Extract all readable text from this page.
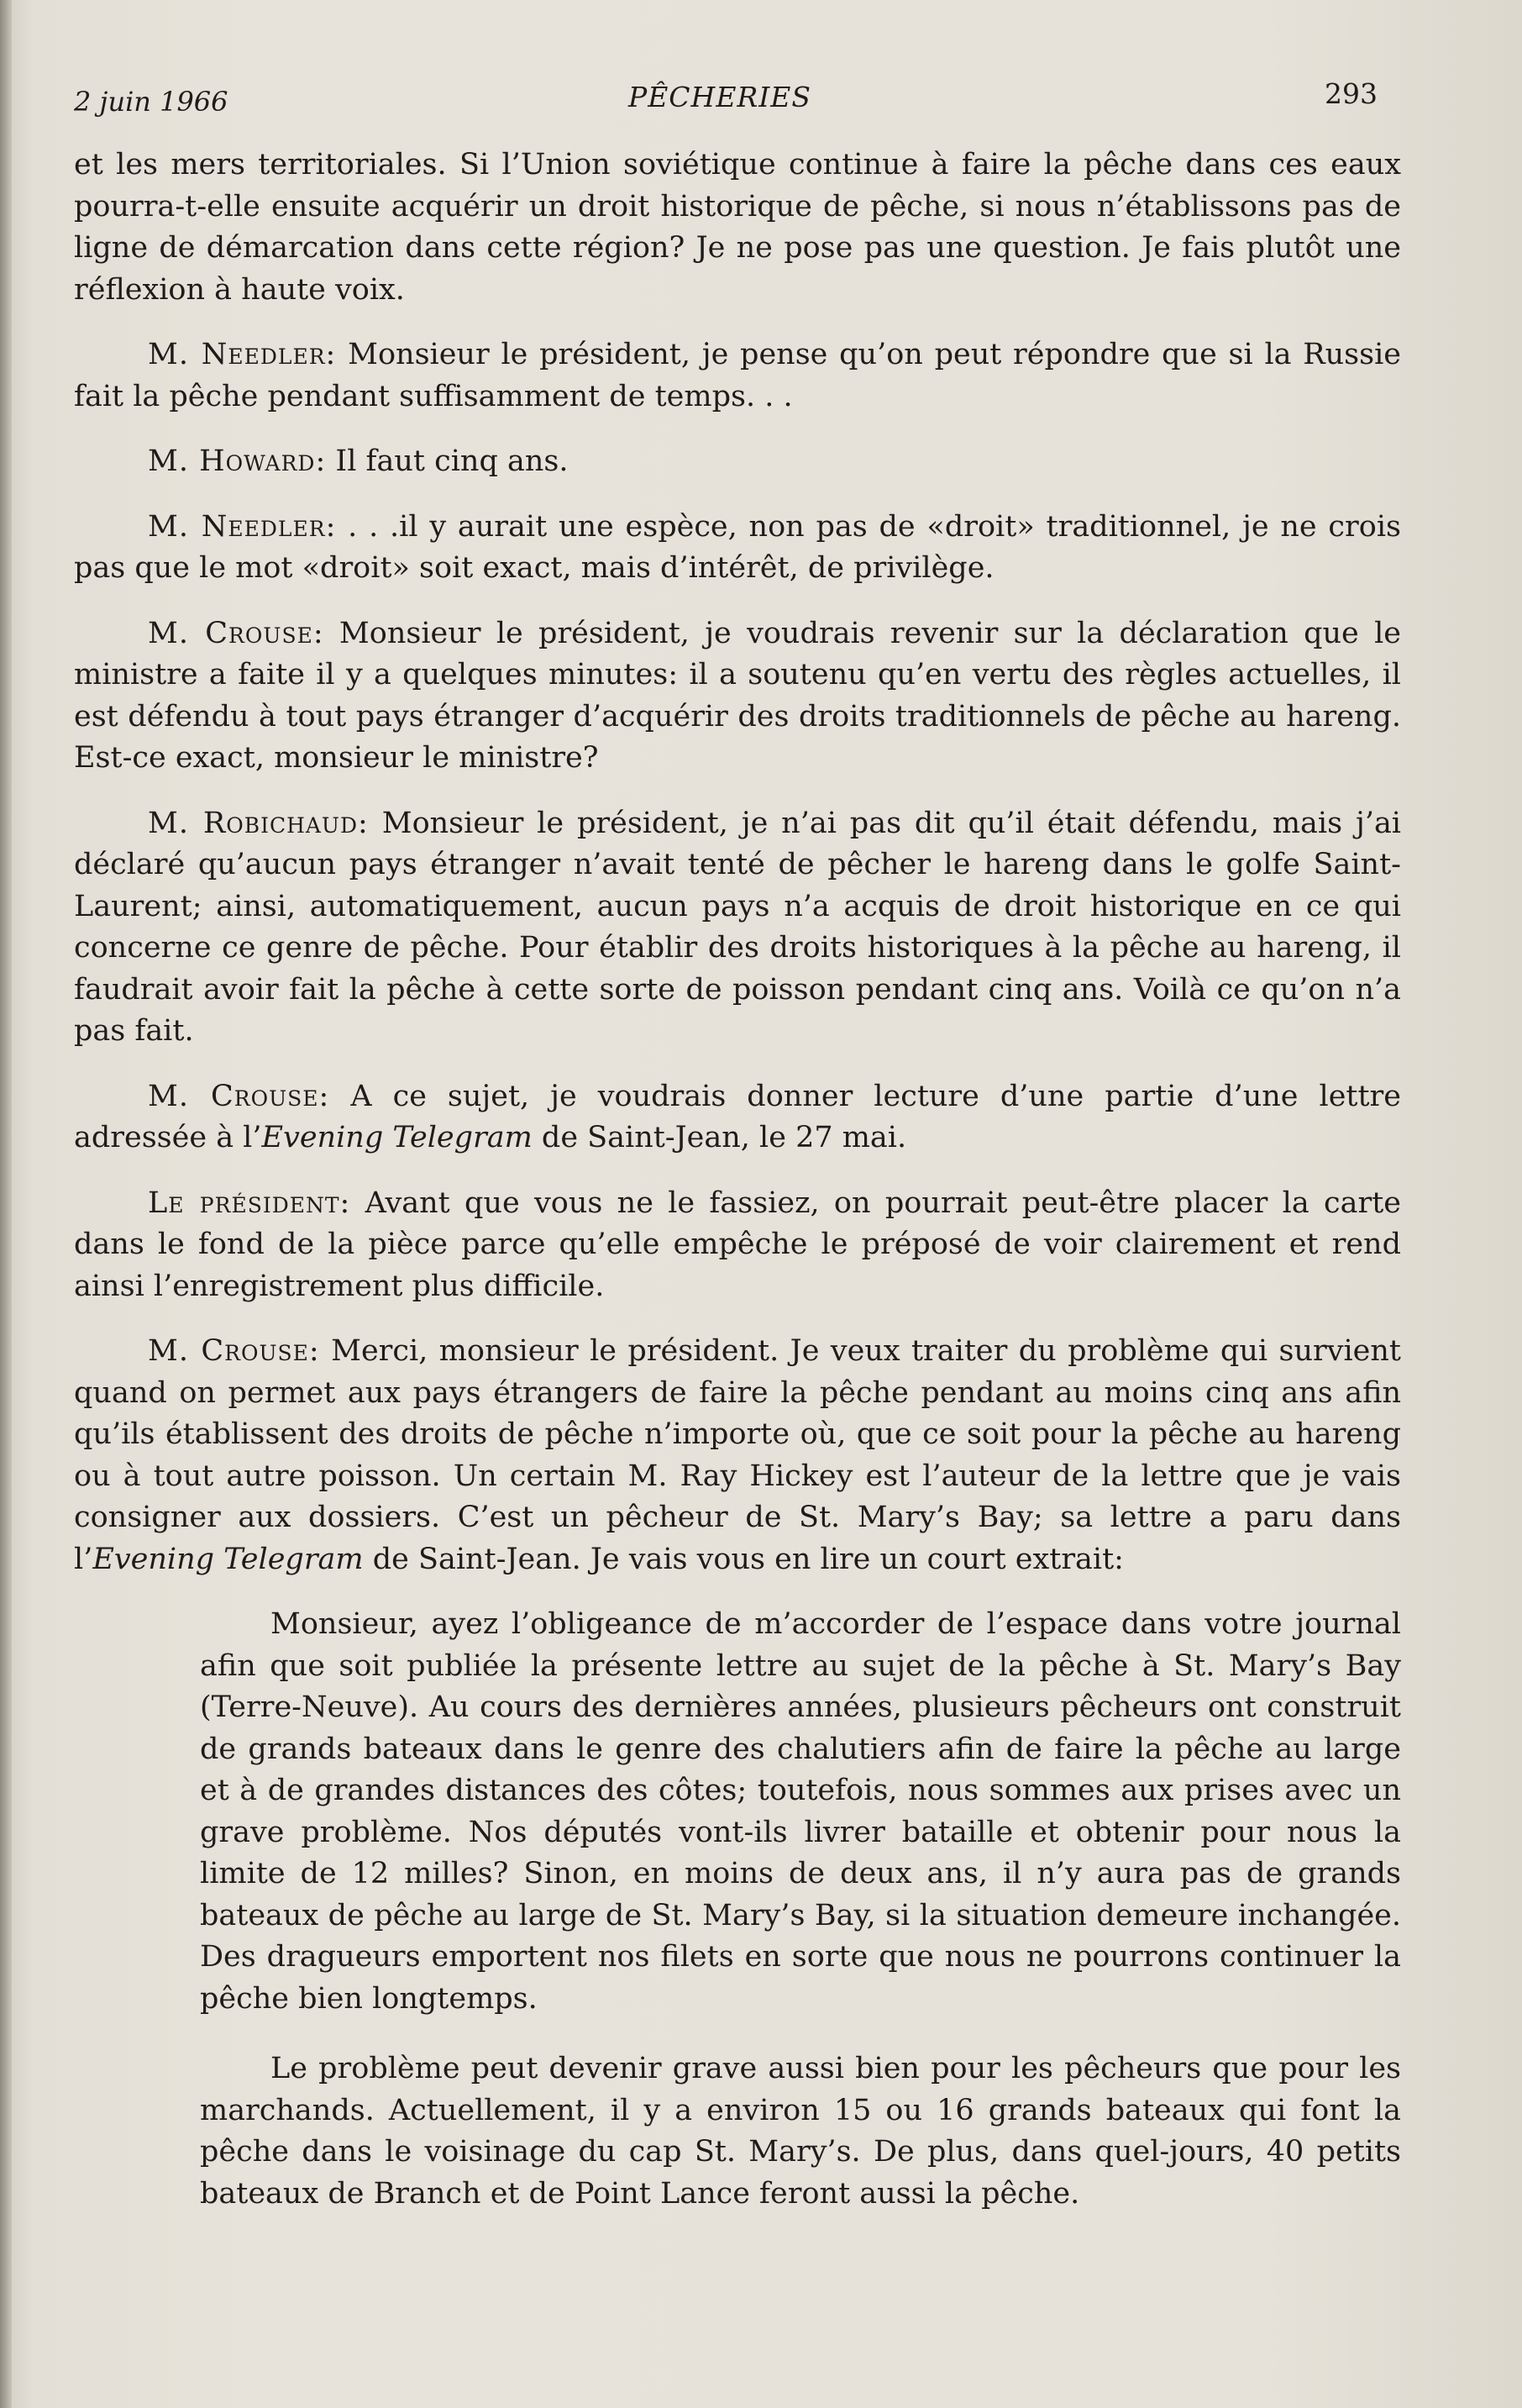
2 juin 1966	PÊCHERIES	293

et les mers territoriales. Si l’Union soviétique continue à faire la pêche dans ces eaux pourra-t-elle ensuite acquérir un droit historique de pêche, si nous n’établissons pas de ligne de démarcation dans cette région? Je ne pose pas une question. Je fais plutôt une réflexion à haute voix.

M. Needler: Monsieur le président, je pense qu’on peut répondre que si la Russie fait la pêche pendant suffisamment de temps. . .

M. Howard: Il faut cinq ans.

M. Needler: . . .il y aurait une espèce, non pas de «droit» traditionnel, je ne crois pas que le mot «droit» soit exact, mais d’intérêt, de privilège.

M. Crouse: Monsieur le président, je voudrais revenir sur la déclaration que le ministre a faite il y a quelques minutes: il a soutenu qu’en vertu des règles actuelles, il est défendu à tout pays étranger d’acquérir des droits traditionnels de pêche au hareng. Est-ce exact, monsieur le ministre?

M. Robichaud: Monsieur le président, je n’ai pas dit qu’il était défendu, mais j’ai déclaré qu’aucun pays étranger n’avait tenté de pêcher le hareng dans le golfe Saint-Laurent; ainsi, automatiquement, aucun pays n’a acquis de droit historique en ce qui concerne ce genre de pêche. Pour établir des droits historiques à la pêche au hareng, il faudrait avoir fait la pêche à cette sorte de poisson pendant cinq ans. Voilà ce qu’on n’a pas fait.

M. Crouse: A ce sujet, je voudrais donner lecture d’une partie d’une lettre adressée à l’Evening Telegram de Saint-Jean, le 27 mai.

Le président: Avant que vous ne le fassiez, on pourrait peut-être placer la carte dans le fond de la pièce parce qu’elle empêche le préposé de voir clairement et rend ainsi l’enregistrement plus difficile.

M. Crouse: Merci, monsieur le président. Je veux traiter du problème qui survient quand on permet aux pays étrangers de faire la pêche pendant au moins cinq ans afin qu’ils établissent des droits de pêche n’importe où, que ce soit pour la pêche au hareng ou à tout autre poisson. Un certain M. Ray Hickey est l’auteur de la lettre que je vais consigner aux dossiers. C’est un pêcheur de St. Mary’s Bay; sa lettre a paru dans l’Evening Telegram de Saint-Jean. Je vais vous en lire un court extrait:

Monsieur, ayez l’obligeance de m’accorder de l’espace dans votre journal afin que soit publiée la présente lettre au sujet de la pêche à St. Mary’s Bay (Terre-Neuve). Au cours des dernières années, plusieurs pêcheurs ont construit de grands bateaux dans le genre des chalutiers afin de faire la pêche au large et à de grandes distances des côtes; toutefois, nous sommes aux prises avec un grave problème. Nos députés vont-ils livrer bataille et obtenir pour nous la limite de 12 milles? Sinon, en moins de deux ans, il n’y aura pas de grands bateaux de pêche au large de St. Mary’s Bay, si la situation demeure inchangée. Des dragueurs emportent nos filets en sorte que nous ne pourrons continuer la pêche bien longtemps.

Le problème peut devenir grave aussi bien pour les pêcheurs que pour les marchands. Actuellement, il y a environ 15 ou 16 grands bateaux qui font la pêche dans le voisinage du cap St. Mary’s. De plus, dans quel-jours, 40 petits bateaux de Branch et de Point Lance feront aussi la pêche.
